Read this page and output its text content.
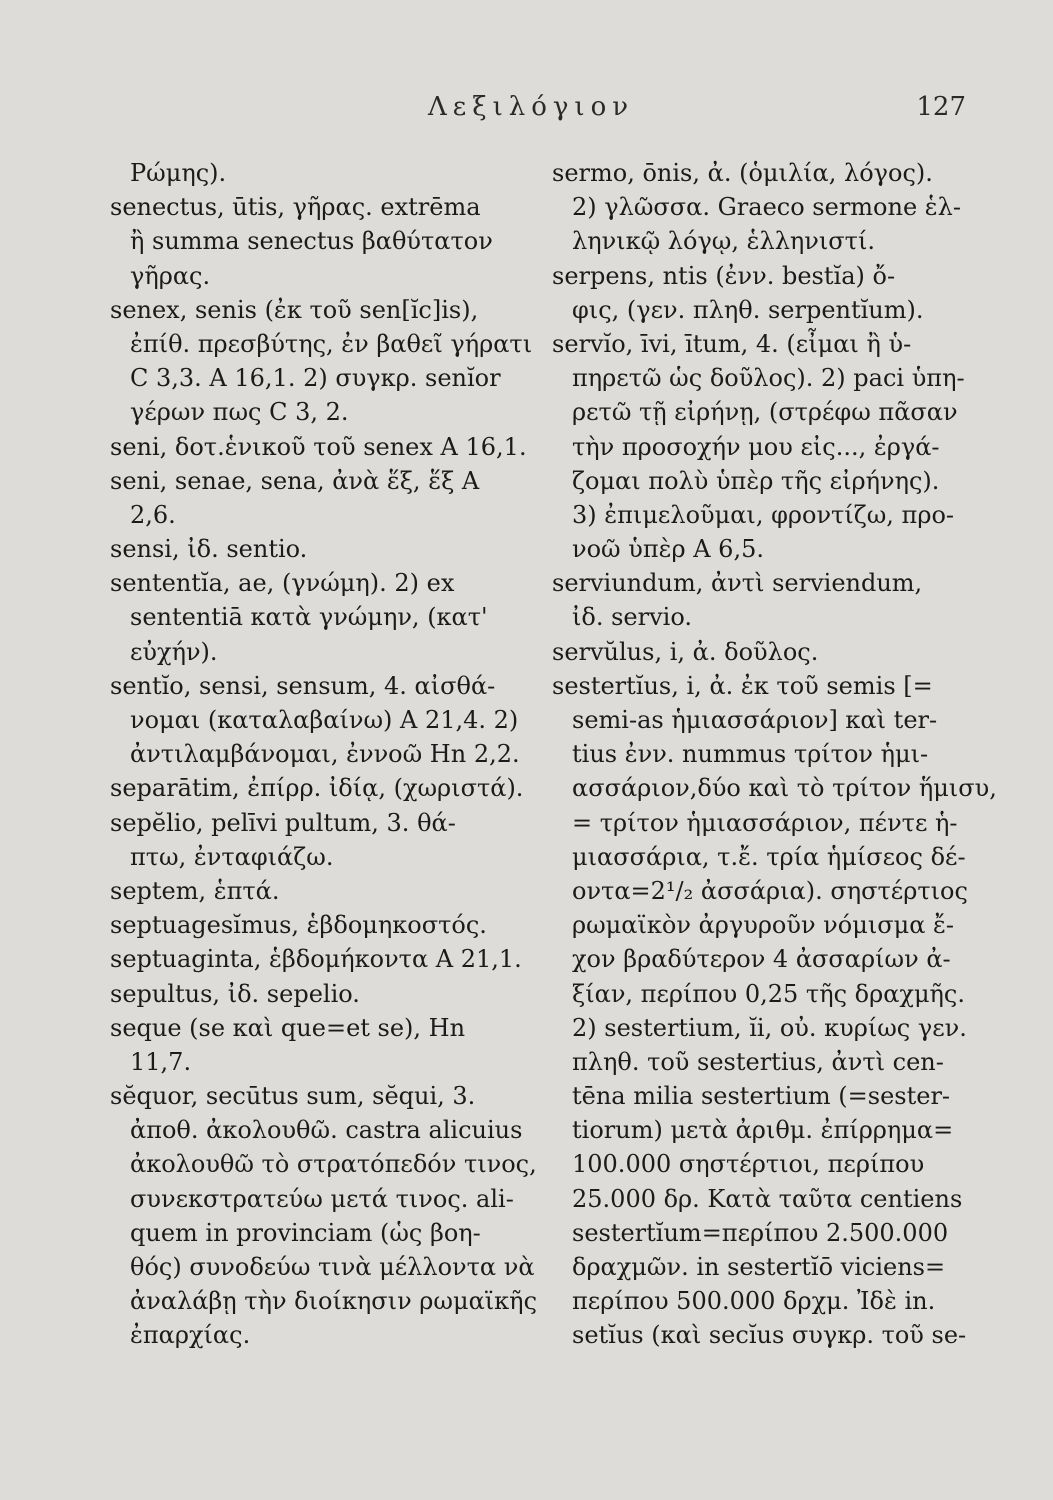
Λεξιλόγιον	127
Ρώμης).
senectus, ūtis, γῆρας. extrēma
ἢ summa senectus βαθύτατον
γῆρας.
senex, senis (ἐκ τοῦ sen[ĭc]is),
ἐπίθ. πρεσβύτης, ἐν βαθεῖ γήρατι
C 3,3. A 16,1. 2) συγκρ. senĭor
γέρων πως C 3, 2.
seni, δοτ.ἑνικοῦ τοῦ senex A 16,1.
seni, senae, sena, ἀνὰ ἕξ, ἕξ A
2,6.
sensi, ἰδ. sentio.
sententĭa, ae, (γνώμη). 2) ex
sententiā κατὰ γνώμην, (κατ'
εὐχήν).
sentĭo, sensi, sensum, 4. αἰσθά-
νομαι (καταλαβαίνω) A 21,4. 2)
ἀντιλαμβάνομαι, ἐννοῶ Hn 2,2.
separātim, ἐπίρρ. ἰδίᾳ, (χωριστά).
sepĕlio, pelīvi pultum, 3. θά-
πτω, ἐνταφιάζω.
septem, ἑπτά.
septuagesĭmus, ἑβδομηκοστός.
septuaginta, ἑβδομήκοντα A 21,1.
sepultus, ἰδ. sepelio.
seque (se καὶ que=et se), Hn
11,7.
sĕquor, secūtus sum, sĕqui, 3.
ἀποθ. ἀκολουθῶ. castra alicuius
ἀκολουθῶ τὸ στρατόπεδόν τινος,
συνεκστρατεύω μετά τινος. ali-
quem in provinciam (ὡς βοη-
θός) συνοδεύω τινὰ μέλλοντα νὰ
ἀναλάβῃ τὴν διοίκησιν ρωμαϊκῆς
ἐπαρχίας.
sermo, ōnis, ἀ. (ὁμιλία, λόγος).
2) γλῶσσα. Graeco sermone ἑλ-
ληνικῷ λόγῳ, ἑλληνιστί.
serpens, ntis (ἐνν. bestĭa) ὄ-
φις, (γεν. πληθ. serpentĭum).
servĭo, īvi, ītum, 4. (εἶμαι ἢ ὑ-
πηρετῶ ὡς δοῦλος). 2) paci ὑπη-
ρετῶ τῇ εἰρήνῃ, (στρέφω πᾶσαν
τὴν προσοχήν μου εἰς..., ἐργά-
ζομαι πολὺ ὑπὲρ τῆς εἰρήνης).
3) ἐπιμελοῦμαι, φροντίζω, προ-
νοῶ ὑπὲρ A 6,5.
serviundum, ἀντὶ serviendum,
ἰδ. servio.
servŭlus, i, ἀ. δοῦλος.
sestertĭus, i, ἀ. ἐκ τοῦ semis [=
semi-as ἡμιασσάριον] καὶ ter-
tius ἐνν. nummus τρίτον ἡμι-
ασσάριον,δύο καὶ τὸ τρίτον ἥμισυ,
= τρίτον ἡμιασσάριον, πέντε ἡ-
μιασσάρια, τ.ἔ. τρία ἡμίσεος δέ-
οντα=2¹/₂ ἀσσάρια). σηστέρτιος
ρωμαϊκὸν ἀργυροῦν νόμισμα ἔ-
χον βραδύτερον 4 ἀσσαρίων ἀ-
ξίαν, περίπου 0,25 τῆς δραχμῆς.
2) sestertium, ĭi, οὐ. κυρίως γεν.
πληθ. τοῦ sestertius, ἀντὶ cen-
tēna milia sestertium (=sester-
tiorum) μετὰ ἀριθμ. ἐπίρρημα=
100.000 σηστέρτιοι, περίπου
25.000 δρ. Κατὰ ταῦτα centiens
sestertĭum=περίπου 2.500.000
δραχμῶν. in sestertĭō viciens=
περίπου 500.000 δρχμ. Ἰδὲ in.
setĭus (καὶ secĭus συγκρ. τοῦ se-
